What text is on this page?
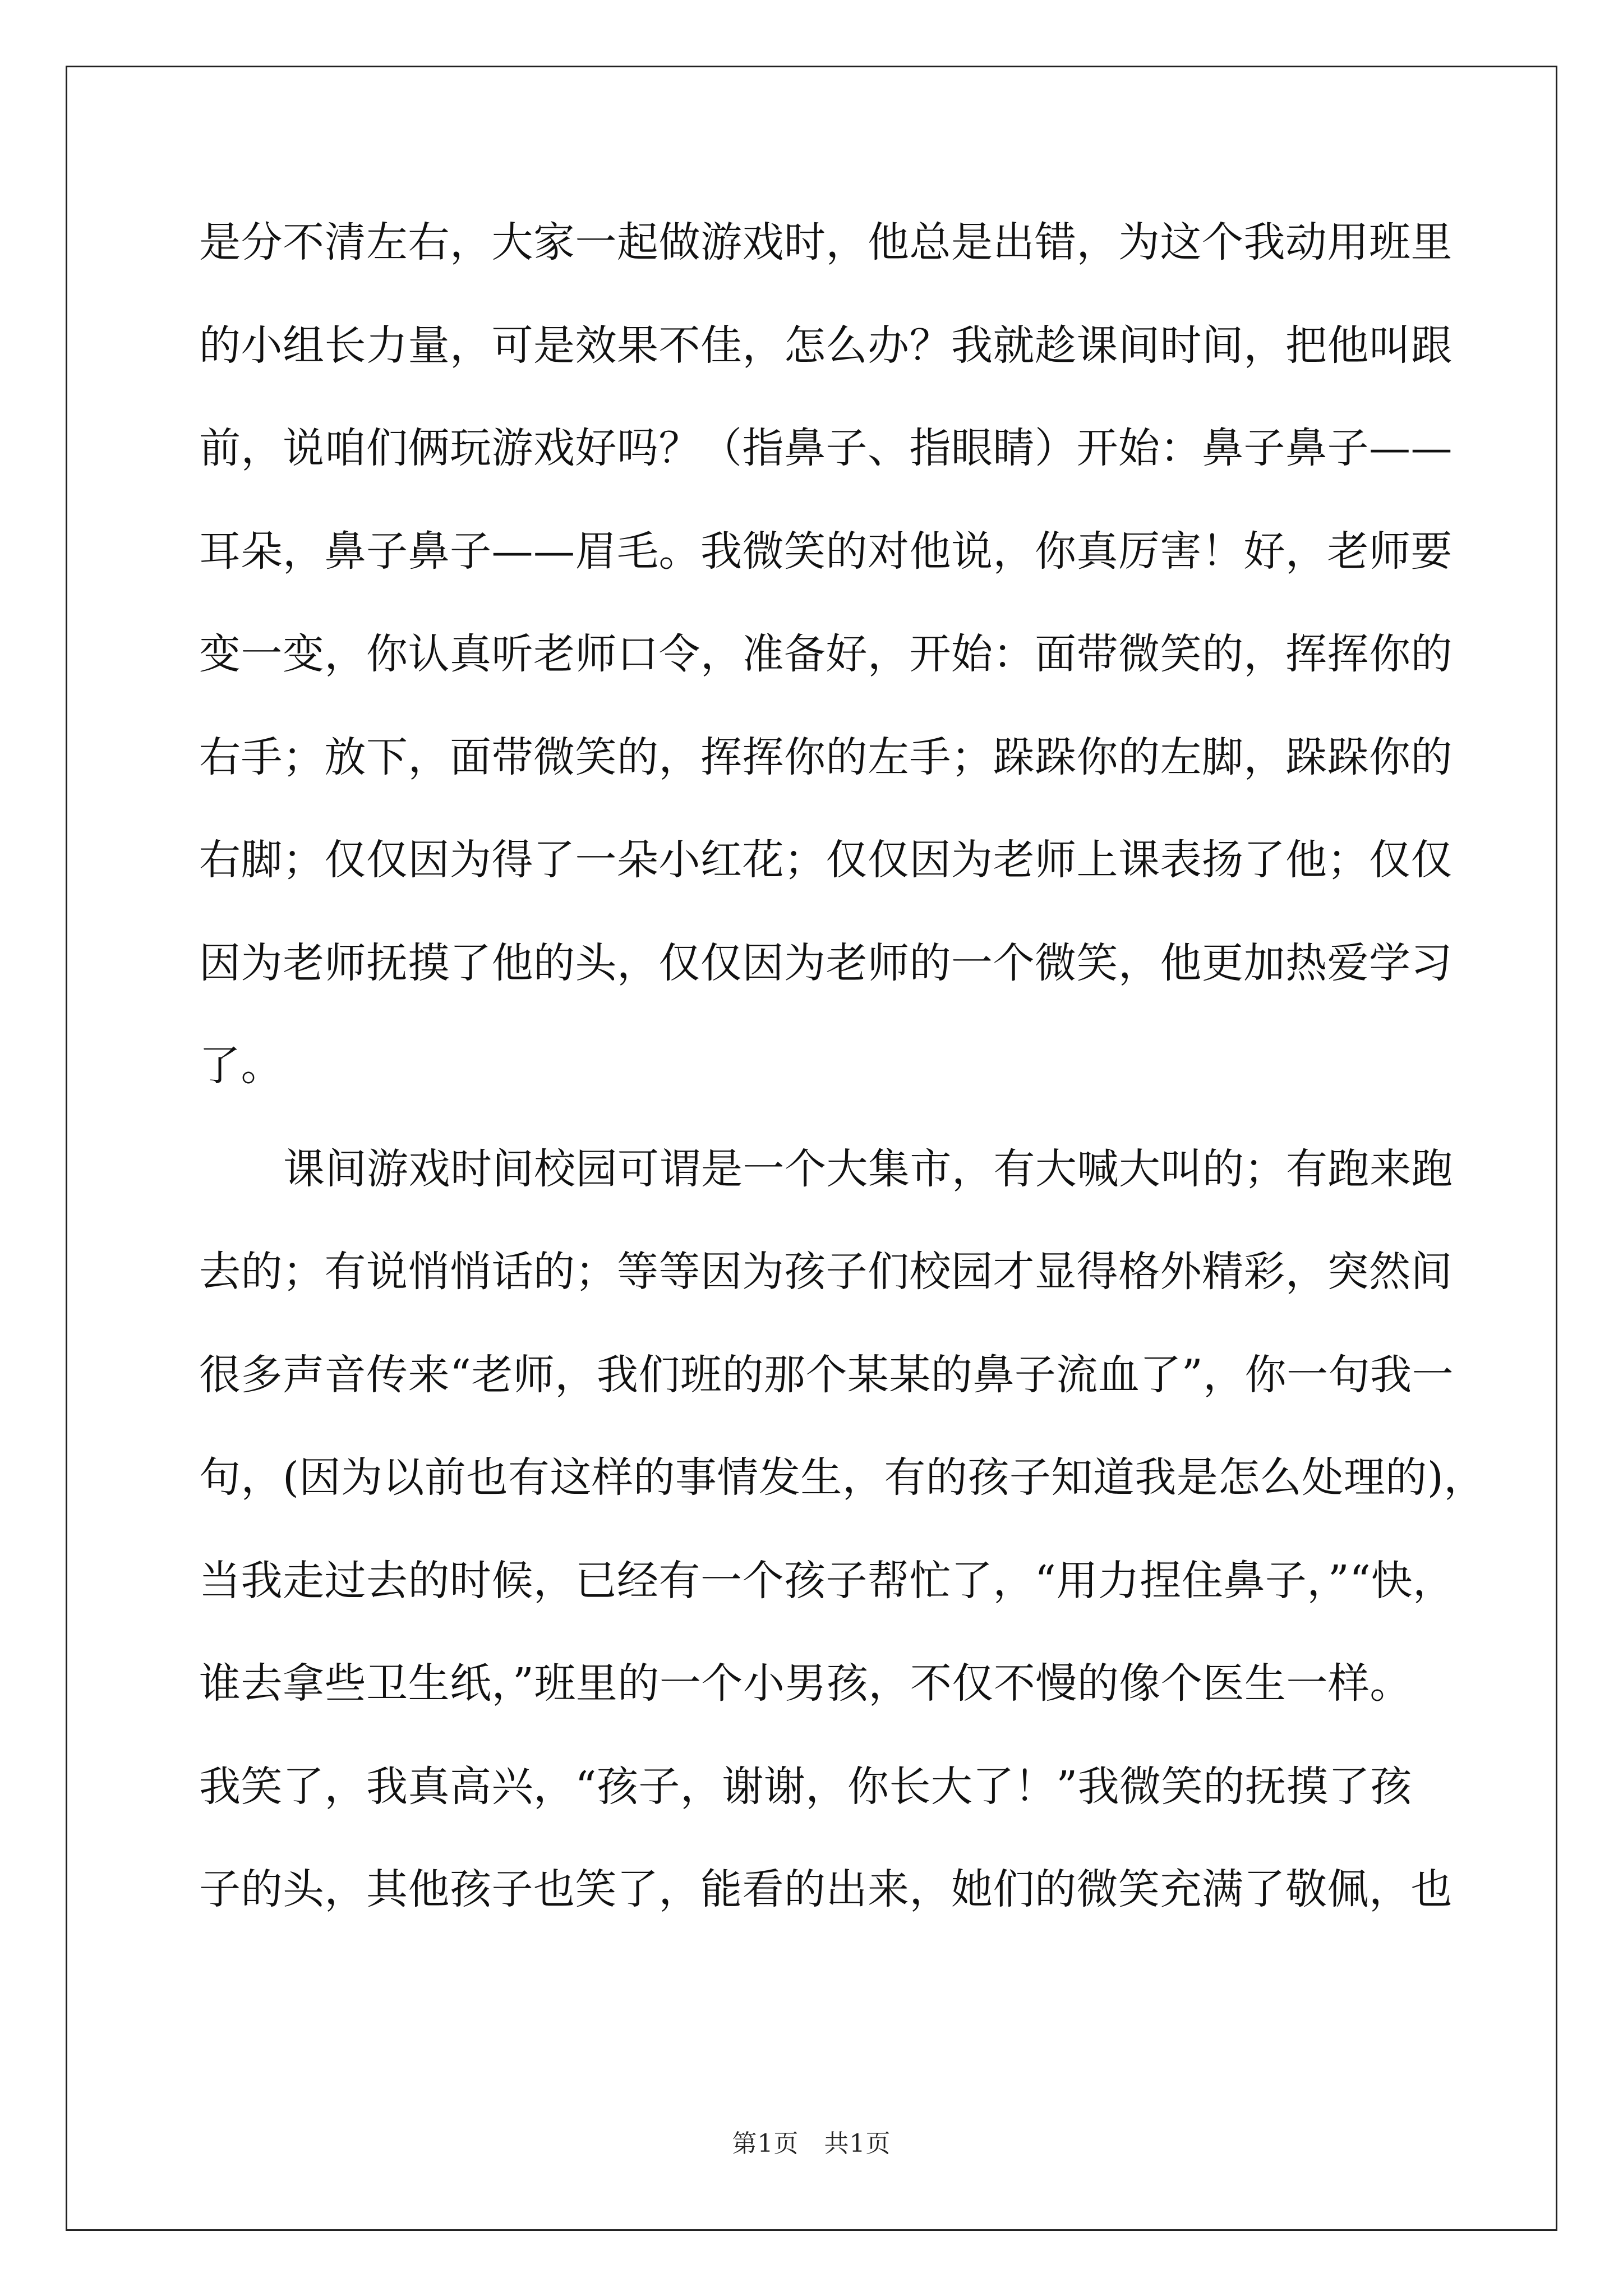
是分不清左右，大家一起做游戏时，他总是出错，为这个我动用班里
的小组长力量，可是效果不佳，怎么办？我就趁课间时间，把他叫跟
前，说咱们俩玩游戏好吗？（指鼻子、指眼睛）开始：鼻子鼻子——
耳朵，鼻子鼻子——眉毛。我微笑的对他说，你真厉害！好，老师要
变一变，你认真听老师口令，准备好，开始：面带微笑的，挥挥你的
右手；放下，面带微笑的，挥挥你的左手；跺跺你的左脚，跺跺你的
右脚；仅仅因为得了一朵小红花；仅仅因为老师上课表扬了他；仅仅
因为老师抚摸了他的头，仅仅因为老师的一个微笑，他更加热爱学习
了。
课间游戏时间校园可谓是一个大集市，有大喊大叫的；有跑来跑
去的；有说悄悄话的；等等因为孩子们校园才显得格外精彩，突然间
很多声音传来“老师，我们班的那个某某的鼻子流血了”，你一句我一
句，(因为以前也有这样的事情发生，有的孩子知道我是怎么处理的)，
当我走过去的时候，已经有一个孩子帮忙了，“用力捏住鼻子，”“快，
谁去拿些卫生纸，”班里的一个小男孩，不仅不慢的像个医生一样。
我笑了，我真高兴，“孩子，谢谢，你长大了！”我微笑的抚摸了孩
子的头，其他孩子也笑了，能看的出来，她们的微笑充满了敬佩，也
第1页　共1页
